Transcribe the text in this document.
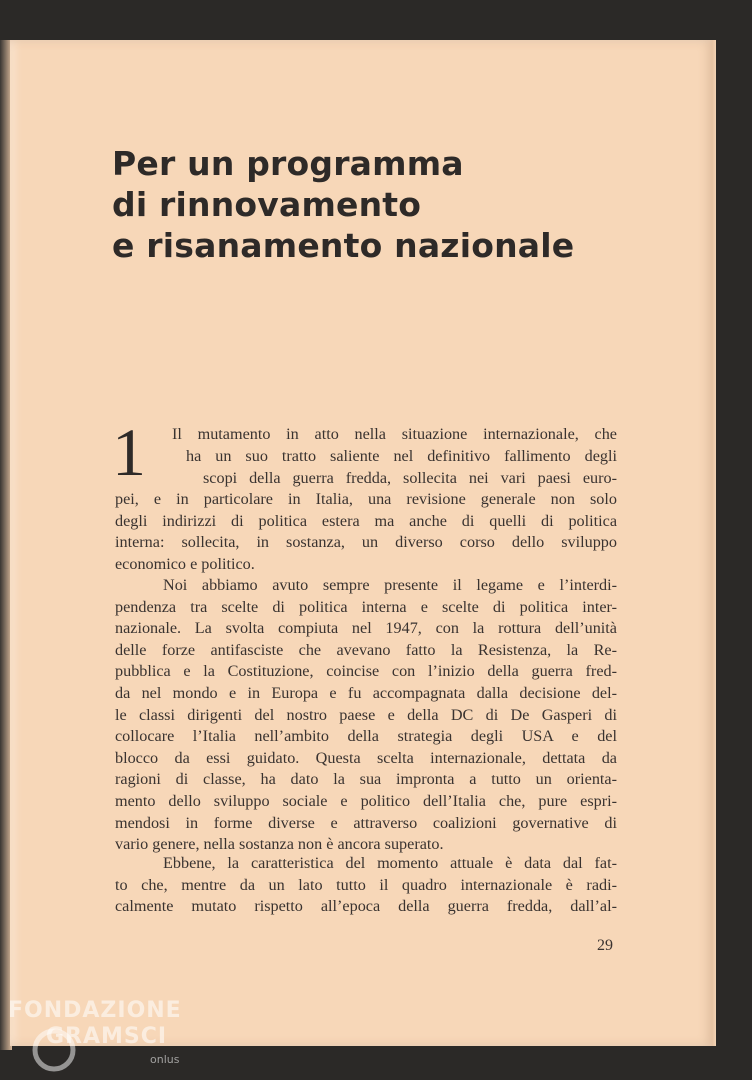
Per un programma
di rinnovamento
e risanamento nazionale
1 Il mutamento in atto nella situazione internazionale, che
ha un suo tratto saliente nel definitivo fallimento degli
scopi della guerra fredda, sollecita nei vari paesi euro-
pei, e in particolare in Italia, una revisione generale non solo
degli indirizzi di politica estera ma anche di quelli di politica
interna: sollecita, in sostanza, un diverso corso dello sviluppo
economico e politico.
Noi abbiamo avuto sempre presente il legame e l’interdi-
pendenza tra scelte di politica interna e scelte di politica inter-
nazionale. La svolta compiuta nel 1947, con la rottura dell’unità
delle forze antifasciste che avevano fatto la Resistenza, la Re-
pubblica e la Costituzione, coincise con l’inizio della guerra fred-
da nel mondo e in Europa e fu accompagnata dalla decisione del-
le classi dirigenti del nostro paese e della DC di De Gasperi di
collocare l’Italia nell’ambito della strategia degli USA e del
blocco da essi guidato. Questa scelta internazionale, dettata da
ragioni di classe, ha dato la sua impronta a tutto un orienta-
mento dello sviluppo sociale e politico dell’Italia che, pure espri-
mendosi in forme diverse e attraverso coalizioni governative di
vario genere, nella sostanza non è ancora superato.
Ebbene, la caratteristica del momento attuale è data dal fat-
to che, mentre da un lato tutto il quadro internazionale è radi-
calmente mutato rispetto all’epoca della guerra fredda, dall’al-
29
FONDAZIONE
GRAMSCI
onlus
